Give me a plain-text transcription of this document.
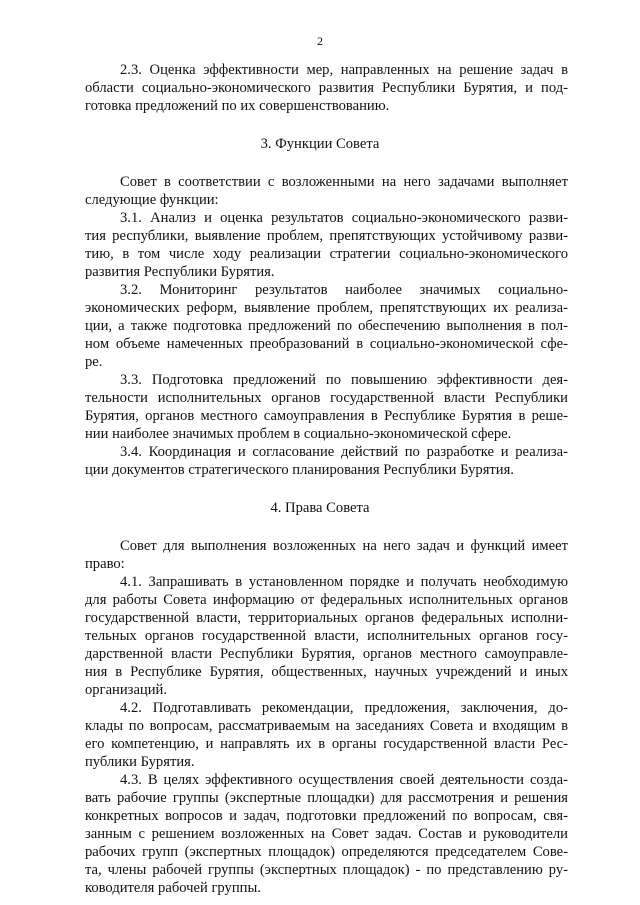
2
2.3. Оценка эффективности мер, направленных на решение задач в
области социально-экономического развития Республики Бурятия, и под-
готовка предложений по их совершенствованию.
3. Функции Совета
Совет в соответствии с возложенными на него задачами выполняет
следующие функции:
3.1. Анализ и оценка результатов социально-экономического разви-
тия республики, выявление проблем, препятствующих устойчивому разви-
тию, в том числе ходу реализации стратегии социально-экономического
развития Республики Бурятия.
3.2. Мониторинг результатов наиболее значимых социально-
экономических реформ, выявление проблем, препятствующих их реализа-
ции, а также подготовка предложений по обеспечению выполнения в пол-
ном объеме намеченных преобразований в социально-экономической сфе-
ре.
3.3. Подготовка предложений по повышению эффективности дея-
тельности исполнительных органов государственной власти Республики
Бурятия, органов местного самоуправления в Республике Бурятия в реше-
нии наиболее значимых проблем в социально-экономической сфере.
3.4. Координация и согласование действий по разработке и реализа-
ции документов стратегического планирования Республики Бурятия.
4. Права Совета
Совет для выполнения возложенных на него задач и функций имеет
право:
4.1. Запрашивать в установленном порядке и получать необходимую
для работы Совета информацию от федеральных исполнительных органов
государственной власти, территориальных органов федеральных исполни-
тельных органов государственной власти, исполнительных органов госу-
дарственной власти Республики Бурятия, органов местного самоуправле-
ния в Республике Бурятия, общественных, научных учреждений и иных
организаций.
4.2. Подготавливать рекомендации, предложения, заключения, до-
клады по вопросам, рассматриваемым на заседаниях Совета и входящим в
его компетенцию, и направлять их в органы государственной власти Рес-
публики Бурятия.
4.3. В целях эффективного осуществления своей деятельности созда-
вать рабочие группы (экспертные площадки) для рассмотрения и решения
конкретных вопросов и задач, подготовки предложений по вопросам, свя-
занным с решением возложенных на Совет задач. Состав и руководители
рабочих групп (экспертных площадок) определяются председателем Сове-
та, члены рабочей группы (экспертных площадок) - по представлению ру-
ководителя рабочей группы.
